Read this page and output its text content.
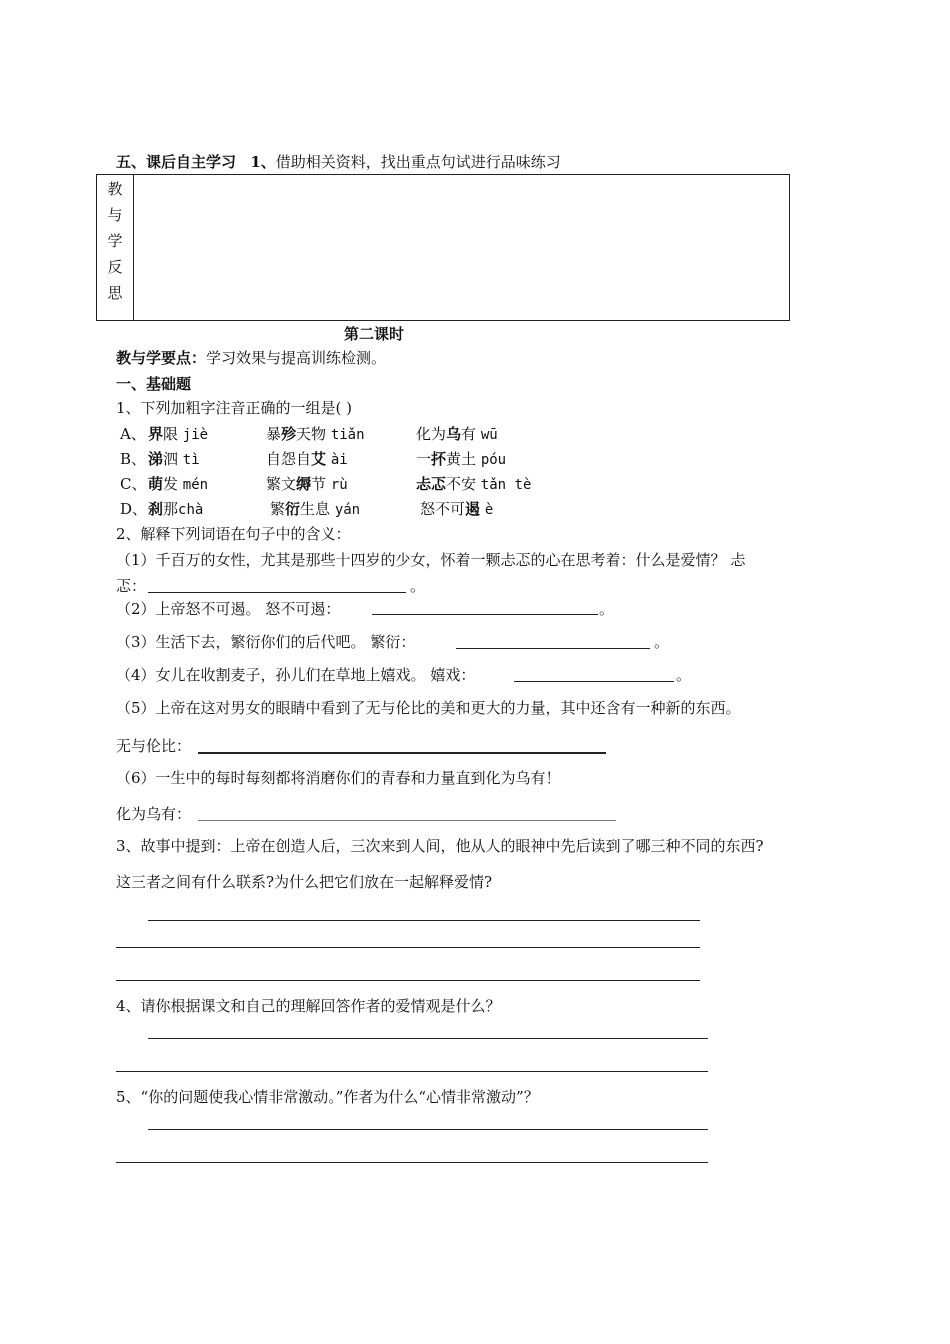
五、课后自主学习 1、借助相关资料，找出重点句试进行品味练习
教
与
学
反
思
第二课时
教与学要点：学习效果与提高训练检测。
一、基础题
1、下列加粗字注音正确的一组是( )
A、 界限 jiè	暴殄天物 tiǎn	化为乌有 wū
B、 涕泗 tì	自怨自艾 ài	一抔黄土 póu
C、 萌发 mén	繁文缛节 rù	忐忑不安 tǎn tè
D、 刹那chà	繁衍生息 yán	怒不可遏 è
2、解释下列词语在句子中的含义：
（1）千百万的女性，尤其是那些十四岁的少女，怀着一颗忐忑的心在思考着：什么是爱情？ 忐
忑：	。
（2）上帝怒不可遏。 怒不可遏：	。
（3）生活下去，繁衍你们的后代吧。 繁衍：	。
（4）女儿在收割麦子，孙儿们在草地上嬉戏。 嬉戏：	。
（5）上帝在这对男女的眼睛中看到了无与伦比的美和更大的力量，其中还含有一种新的东西。
无与伦比：
（6）一生中的每时每刻都将消磨你们的青春和力量直到化为乌有！
化为乌有：
3、故事中提到：上帝在创造人后，三次来到人间，他从人的眼神中先后读到了哪三种不同的东西?
这三者之间有什么联系?为什么把它们放在一起解释爱情?
4、请你根据课文和自己的理解回答作者的爱情观是什么？
5、“你的问题使我心情非常激动。”作者为什么“心情非常激动”？
